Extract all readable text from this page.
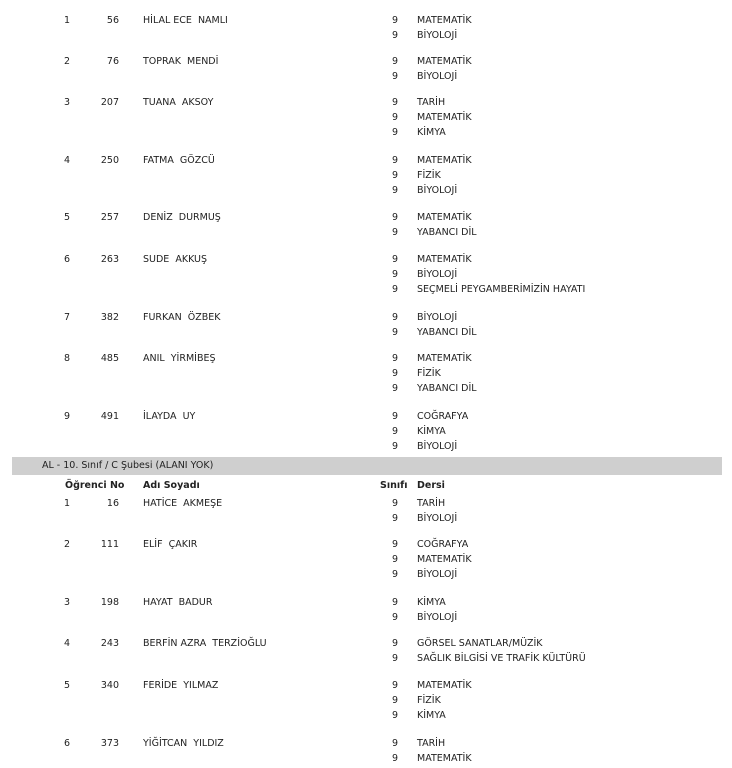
1	56	HİLAL ECE  NAMLI	9 MATEMATİK
9 BİYOLOJİ
2	76	TOPRAK  MENDİ	9 MATEMATİK
9 BİYOLOJİ
3	207	TUANA  AKSOY	9 TARİH
9 MATEMATİK
9 KİMYA
4	250	FATMA  GÖZCÜ	9 MATEMATİK
9 FİZİK
9 BİYOLOJİ
5	257	DENİZ  DURMUŞ	9 MATEMATİK
9 YABANCI DİL
6	263	SUDE  AKKUŞ	9 MATEMATİK
9 BİYOLOJİ
9 SEÇMELİ PEYGAMBERİMİZİN HAYATI
7	382	FURKAN  ÖZBEK	9 BİYOLOJİ
9 YABANCI DİL
8	485	ANIL  YİRMİBEŞ	9 MATEMATİK
9 FİZİK
9 YABANCI DİL
9	491	İLAYDA  UY	9 COĞRAFYA
9 KİMYA
9 BİYOLOJİ
AL - 10. Sınıf / C Şubesi (ALANI YOK)
Öğrenci No Adı Soyadı	Sınıfı Dersi
1	16	HATİCE  AKMEŞE	9 TARİH
9 BİYOLOJİ
2	111	ELİF  ÇAKIR	9 COĞRAFYA
9 MATEMATİK
9 BİYOLOJİ
3	198	HAYAT  BADUR	9 KİMYA
9 BİYOLOJİ
4	243	BERFİN AZRA  TERZİOĞLU	9 GÖRSEL SANATLAR/MÜZİK
9 SAĞLIK BİLGİSİ VE TRAFİK KÜLTÜRÜ
5	340	FERİDE  YILMAZ	9 MATEMATİK
9 FİZİK
9 KİMYA
6	373	YİĞİTCAN  YILDIZ	9 TARİH
9 MATEMATİK
